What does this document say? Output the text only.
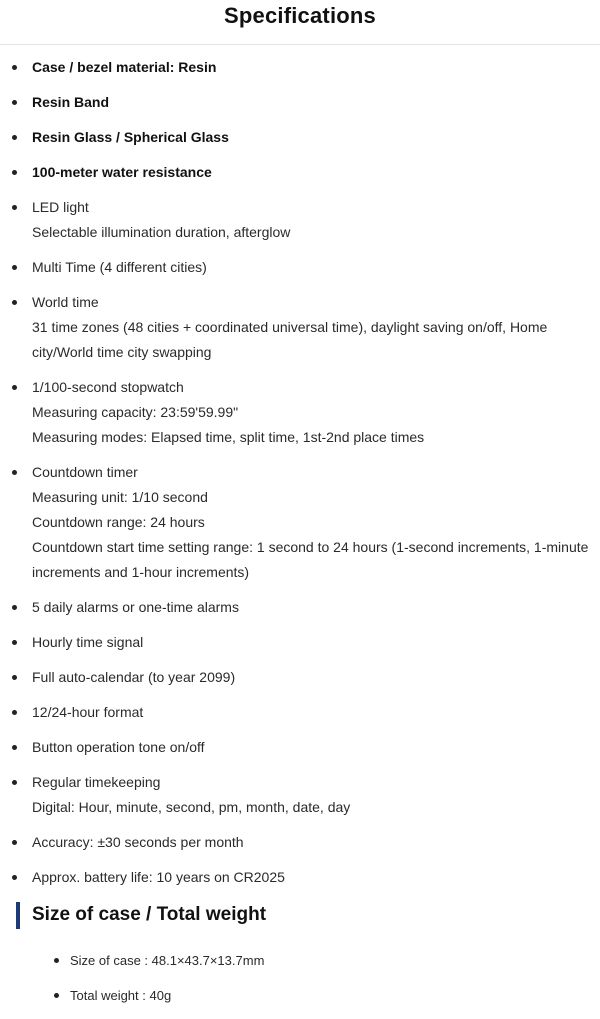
Specifications
Case / bezel material: Resin
Resin Band
Resin Glass / Spherical Glass
100-meter water resistance
LED light
Selectable illumination duration, afterglow
Multi Time (4 different cities)
World time
31 time zones (48 cities + coordinated universal time), daylight saving on/off, Home city/World time city swapping
1/100-second stopwatch
Measuring capacity: 23:59'59.99"
Measuring modes: Elapsed time, split time, 1st-2nd place times
Countdown timer
Measuring unit: 1/10 second
Countdown range: 24 hours
Countdown start time setting range: 1 second to 24 hours (1-second increments, 1-minute increments and 1-hour increments)
5 daily alarms or one-time alarms
Hourly time signal
Full auto-calendar (to year 2099)
12/24-hour format
Button operation tone on/off
Regular timekeeping
Digital: Hour, minute, second, pm, month, date, day
Accuracy: ±30 seconds per month
Approx. battery life: 10 years on CR2025
Size of case / Total weight
Size of case : 48.1×43.7×13.7mm
Total weight : 40g
